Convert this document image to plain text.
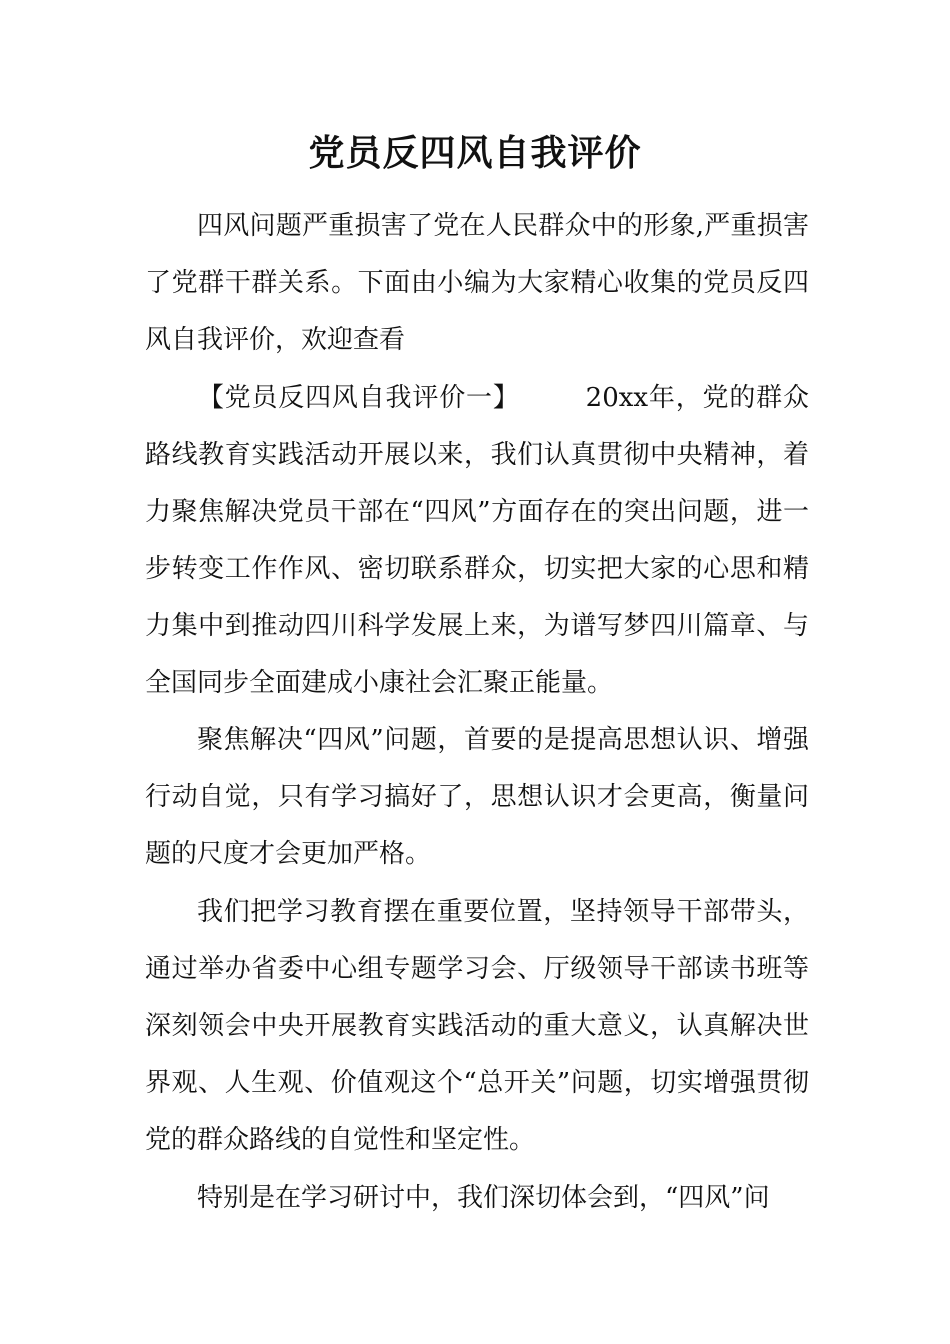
党员反四风自我评价

四风问题严重损害了党在人民群众中的形象,严重损害了党群干群关系。下面由小编为大家精心收集的党员反四风自我评价，欢迎查看

【党员反四风自我评价一】	20xx年，党的群众路线教育实践活动开展以来，我们认真贯彻中央精神，着力聚焦解决党员干部在“四风”方面存在的突出问题，进一步转变工作作风、密切联系群众，切实把大家的心思和精力集中到推动四川科学发展上来，为谱写梦四川篇章、与全国同步全面建成小康社会汇聚正能量。

聚焦解决“四风”问题，首要的是提高思想认识、增强行动自觉，只有学习搞好了，思想认识才会更高，衡量问题的尺度才会更加严格。

我们把学习教育摆在重要位置，坚持领导干部带头，通过举办省委中心组专题学习会、厅级领导干部读书班等深刻领会中央开展教育实践活动的重大意义，认真解决世界观、人生观、价值观这个“总开关”问题，切实增强贯彻党的群众路线的自觉性和坚定性。

特别是在学习研讨中，我们深切体会到，“四风”问
